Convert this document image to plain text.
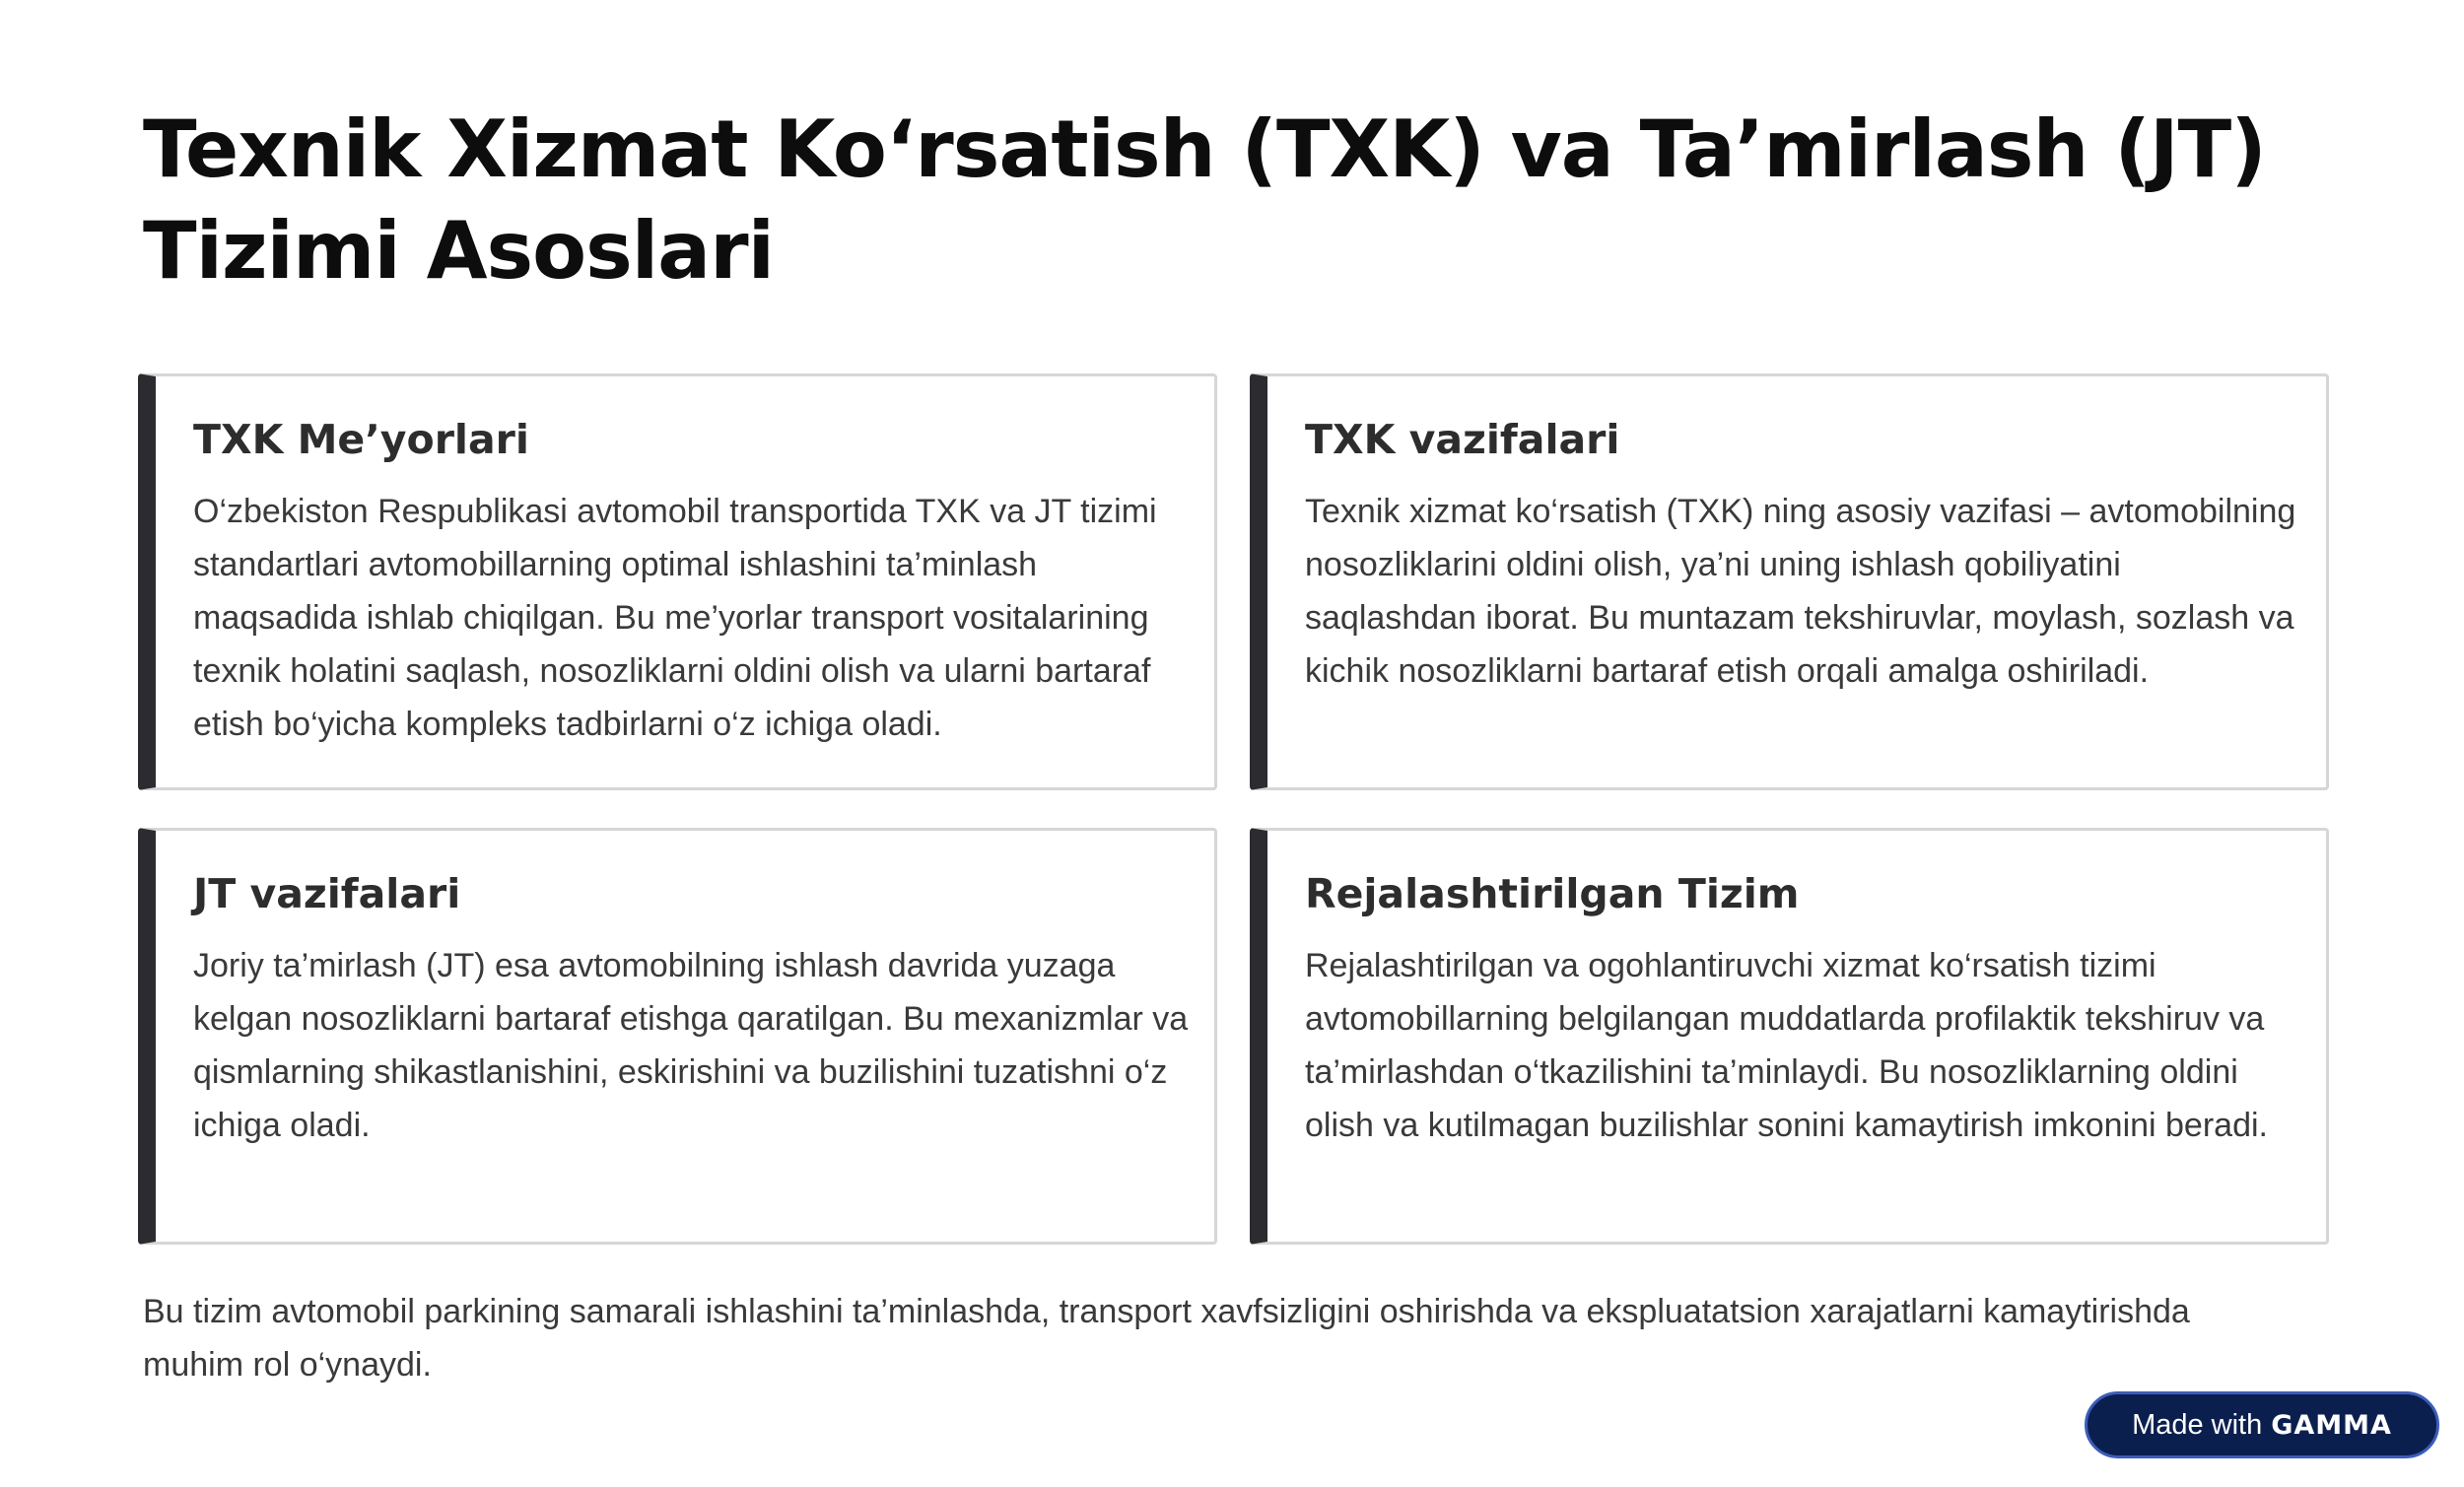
Texnik Xizmat Ko‘rsatish (TXK) va Ta’mirlash (JT) Tizimi Asoslari
TXK Me’yorlari

O‘zbekiston Respublikasi avtomobil transportida TXK va JT tizimi standartlari avtomobillarning optimal ishlashini ta’minlash maqsadida ishlab chiqilgan. Bu me’yorlar transport vositalarining texnik holatini saqlash, nosozliklarni oldini olish va ularni bartaraf etish bo‘yicha kompleks tadbirlarni o‘z ichiga oladi.

TXK vazifalari

Texnik xizmat ko‘rsatish (TXK) ning asosiy vazifasi – avtomobilning nosozliklarini oldini olish, ya’ni uning ishlash qobiliyatini saqlashdan iborat. Bu muntazam tekshiruvlar, moylash, sozlash va kichik nosozliklarni bartaraf etish orqali amalga oshiriladi.

JT vazifalari

Joriy ta’mirlash (JT) esa avtomobilning ishlash davrida yuzaga kelgan nosozliklarni bartaraf etishga qaratilgan. Bu mexanizmlar va qismlarning shikastlanishini, eskirishini va buzilishini tuzatishni o‘z ichiga oladi.

Rejalashtirilgan Tizim

Rejalashtirilgan va ogohlantiruvchi xizmat ko‘rsatish tizimi avtomobillarning belgilangan muddatlarda profilaktik tekshiruv va ta’mirlashdan o‘tkazilishini ta’minlaydi. Bu nosozliklarning oldini olish va kutilmagan buzilishlar sonini kamaytirish imkonini beradi.

Bu tizim avtomobil parkining samarali ishlashini ta’minlashda, transport xavfsizligini oshirishda va ekspluatatsion xarajatlarni kamaytirishda muhim rol o‘ynaydi.

Made with GAMMA
